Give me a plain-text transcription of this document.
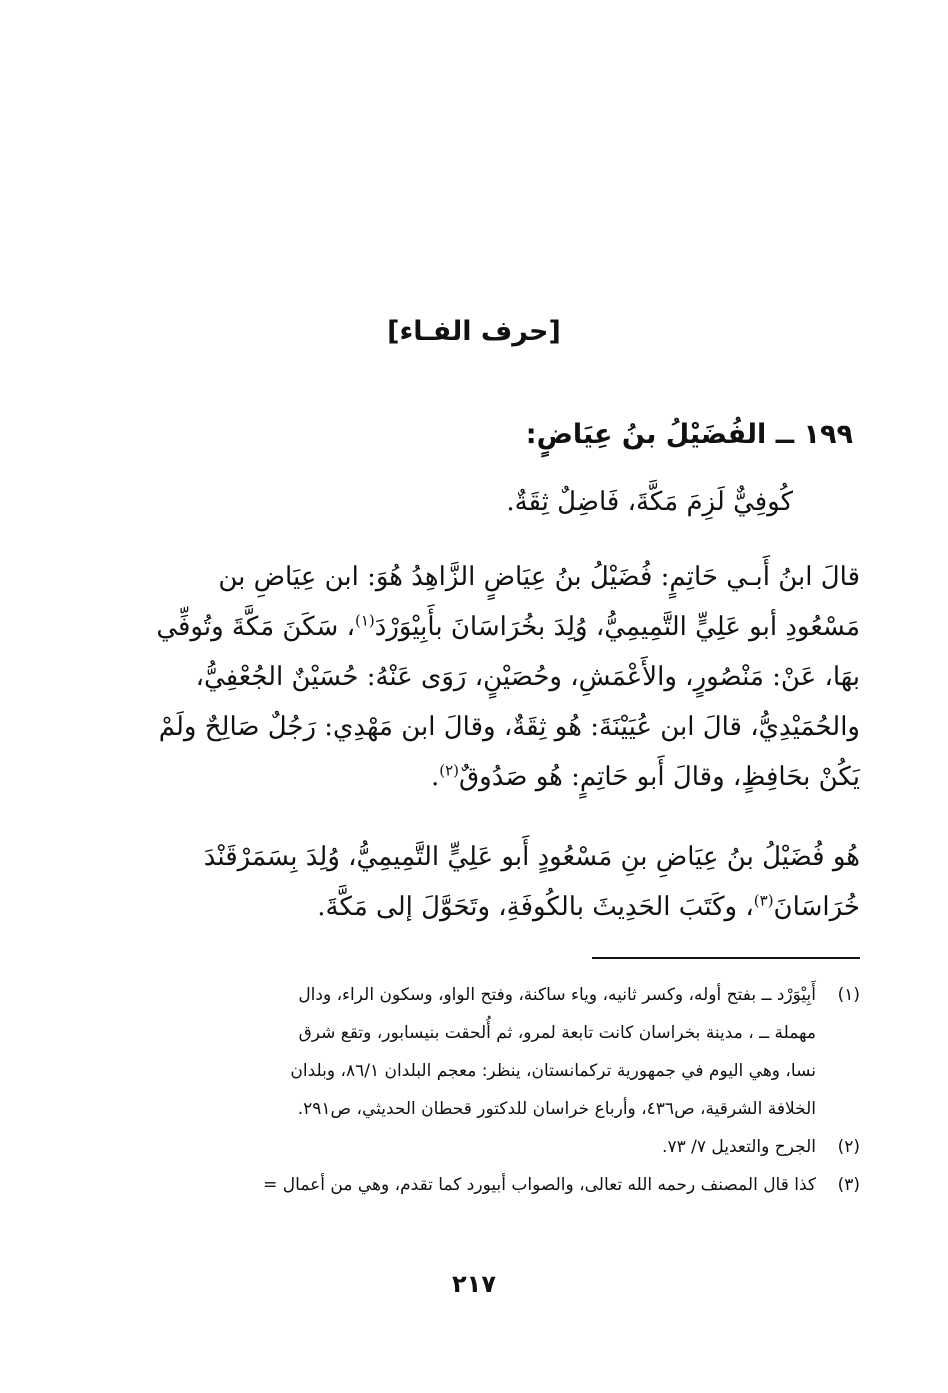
[حرف الفـاء]
١٩٩ ــ الفُضَيْلُ بنُ عِيَاضٍ:
كُوفِيٌّ لَزِمَ مَكَّةَ، فَاضِلٌ ثِقَةٌ.
قالَ ابنُ أَبـي حَاتِمٍ: فُضَيْلُ بنُ عِيَاضٍ الزَّاهِدُ هُوَ: ابن عِيَاضِ بن
مَسْعُودِ أبو عَلِيٍّ التَّمِيمِيُّ، وُلِدَ بخُرَاسَانَ بأَبِيْوَرْدَ$^{(١)}$، سَكَنَ مَكَّةَ وتُوفِّي
بهَا، عَنْ: مَنْصُورٍ، والأَعْمَشِ، وحُصَيْنٍ، رَوَى عَنْهُ: حُسَيْنٌ الجُعْفِيُّ،
والحُمَيْدِيُّ، قالَ ابن عُيَيْنَةَ: هُو ثِقَةٌ، وقالَ ابن مَهْدِي: رَجُلٌ صَالِحٌ ولَمْ
يَكُنْ بحَافِظٍ، وقالَ أَبو حَاتِمٍ: هُو صَدُوقٌ$^{(٢)}$.
هُو فُضَيْلُ بنُ عِيَاضِ بنِ مَسْعُودٍ أَبو عَلِيٍّ التَّمِيمِيُّ، وُلِدَ بِسَمَرْقَنْدَ
خُرَاسَانَ$^{(٣)}$، وكَتَبَ الحَدِيثَ بالكُوفَةِ، وتَحَوَّلَ إلى مَكَّةَ.
(١)
أَبِيْوَرْد ــ بفتح أوله، وكسر ثانيه، وياء ساكنة، وفتح الواو، وسكون الراء، ودال
مهملة ــ ، مدينة بخراسان كانت تابعة لمرو، ثم أُلحقت بنيسابور، وتقع شرق
نسا، وهي اليوم في جمهورية تركمانستان، ينظر: معجم البلدان ٨٦/١، وبلدان
الخلافة الشرقية، ص٤٣٦، وأرباع خراسان للدكتور قحطان الحديثي، ص٢٩١.
(٢)
الجرح والتعديل ٧/ ٧٣.
(٣)
كذا قال المصنف رحمه الله تعالى، والصواب أبيورد كما تقدم، وهي من أعمال =
٢١٧
